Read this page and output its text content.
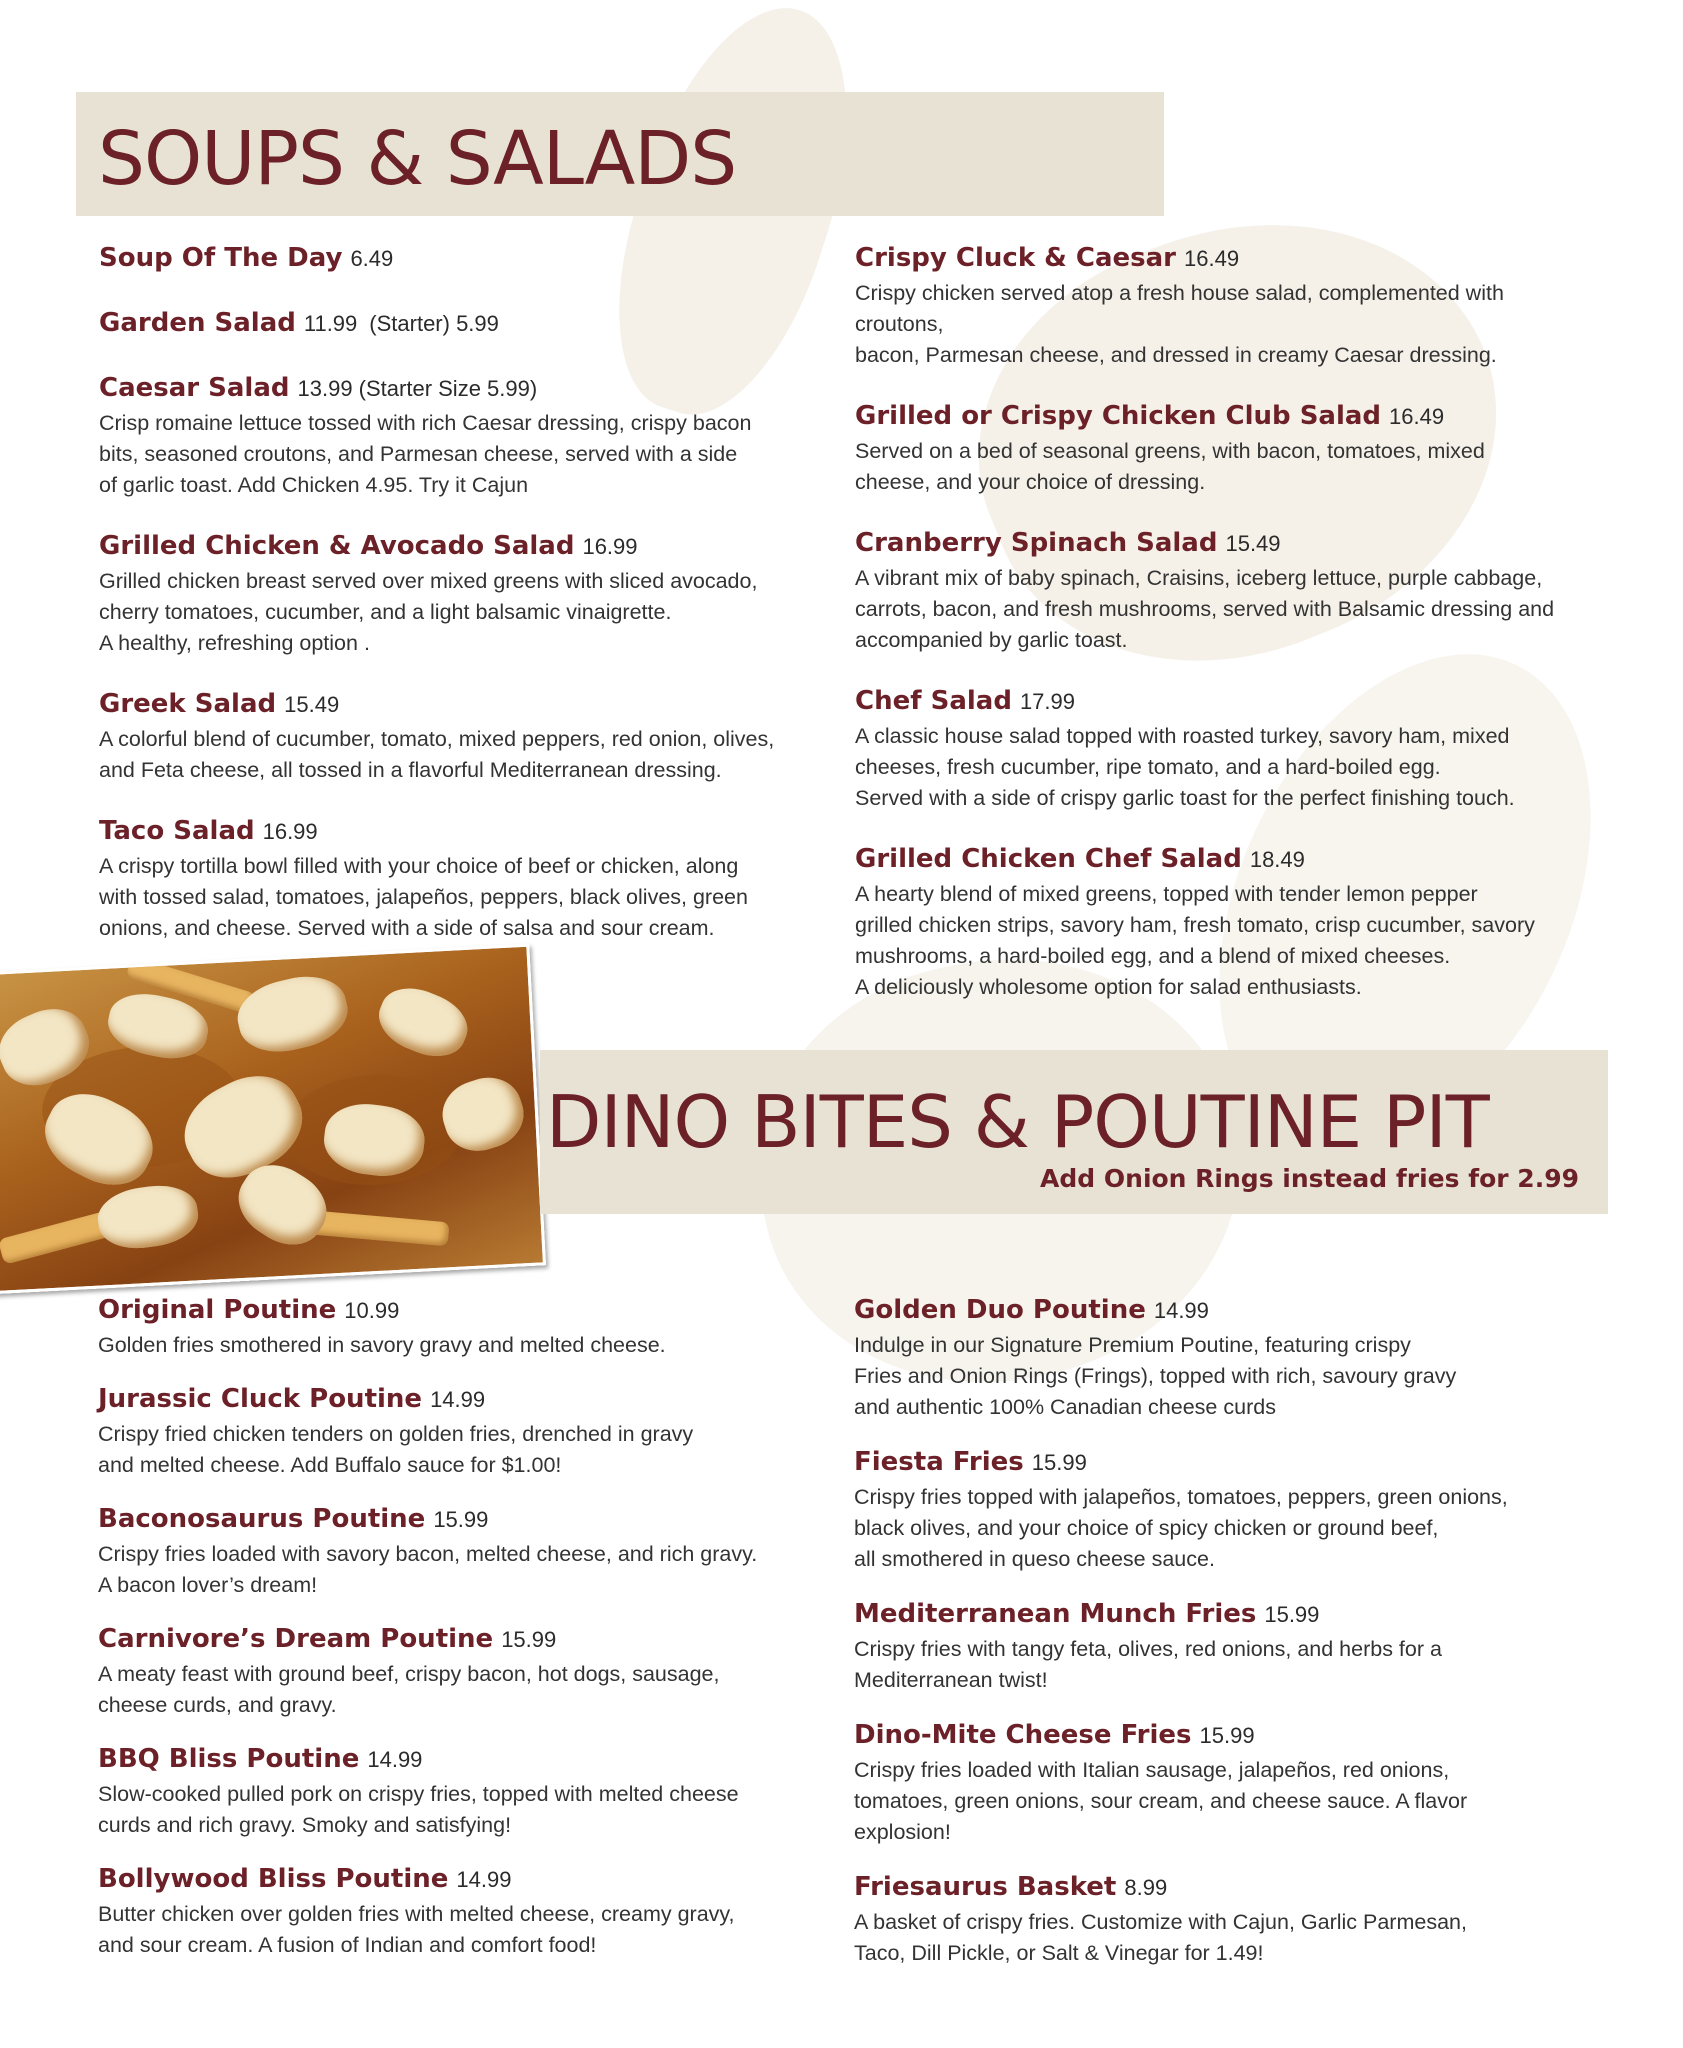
SOUPS & SALADS
Soup Of The Day 6.49
Garden Salad 11.99 (Starter) 5.99
Caesar Salad 13.99 (Starter Size 5.99)

Crisp romaine lettuce tossed with rich Caesar dressing, crispy bacon
bits, seasoned croutons, and Parmesan cheese, served with a side
of garlic toast. Add Chicken 4.95. Try it Cajun

Grilled Chicken & Avocado Salad 16.99

Grilled chicken breast served over mixed greens with sliced avocado,
cherry tomatoes, cucumber, and a light balsamic vinaigrette.
A healthy, refreshing option .

Greek Salad 15.49

A colorful blend of cucumber, tomato, mixed peppers, red onion, olives,
and Feta cheese, all tossed in a flavorful Mediterranean dressing.

Taco Salad 16.99

A crispy tortilla bowl filled with your choice of beef or chicken, along
with tossed salad, tomatoes, jalapeños, peppers, black olives, green
onions, and cheese. Served with a side of salsa and sour cream.

Crispy Cluck & Caesar 16.49

Crispy chicken served atop a fresh house salad, complemented with croutons,
bacon, Parmesan cheese, and dressed in creamy Caesar dressing.

Grilled or Crispy Chicken Club Salad 16.49

Served on a bed of seasonal greens, with bacon, tomatoes, mixed
cheese, and your choice of dressing.

Cranberry Spinach Salad 15.49

A vibrant mix of baby spinach, Craisins, iceberg lettuce, purple cabbage,
carrots, bacon, and fresh mushrooms, served with Balsamic dressing and
accompanied by garlic toast.

Chef Salad 17.99

A classic house salad topped with roasted turkey, savory ham, mixed
cheeses, fresh cucumber, ripe tomato, and a hard-boiled egg.
Served with a side of crispy garlic toast for the perfect finishing touch.

Grilled Chicken Chef Salad 18.49

A hearty blend of mixed greens, topped with tender lemon pepper
grilled chicken strips, savory ham, fresh tomato, crisp cucumber, savory
mushrooms, a hard-boiled egg, and a blend of mixed cheeses.
A deliciously wholesome option for salad enthusiasts.

DINO BITES & POUTINE PIT

Add Onion Rings instead fries for 2.99

Original Poutine 10.99

Golden fries smothered in savory gravy and melted cheese.

Jurassic Cluck Poutine 14.99

Crispy fried chicken tenders on golden fries, drenched in gravy
and melted cheese. Add Buffalo sauce for $1.00!

Baconosaurus Poutine 15.99

Crispy fries loaded with savory bacon, melted cheese, and rich gravy.
A bacon lover’s dream!

Carnivore’s Dream Poutine 15.99

A meaty feast with ground beef, crispy bacon, hot dogs, sausage,
cheese curds, and gravy.

BBQ Bliss Poutine 14.99

Slow-cooked pulled pork on crispy fries, topped with melted cheese
curds and rich gravy. Smoky and satisfying!

Bollywood Bliss Poutine 14.99

Butter chicken over golden fries with melted cheese, creamy gravy,
and sour cream. A fusion of Indian and comfort food!

Golden Duo Poutine 14.99

Indulge in our Signature Premium Poutine, featuring crispy
Fries and Onion Rings (Frings), topped with rich, savoury gravy
and authentic 100% Canadian cheese curds

Fiesta Fries 15.99

Crispy fries topped with jalapeños, tomatoes, peppers, green onions,
black olives, and your choice of spicy chicken or ground beef,
all smothered in queso cheese sauce.

Mediterranean Munch Fries 15.99

Crispy fries with tangy feta, olives, red onions, and herbs for a
Mediterranean twist!

Dino-Mite Cheese Fries 15.99

Crispy fries loaded with Italian sausage, jalapeños, red onions,
tomatoes, green onions, sour cream, and cheese sauce. A flavor
explosion!

Friesaurus Basket 8.99

A basket of crispy fries. Customize with Cajun, Garlic Parmesan,
Taco, Dill Pickle, or Salt & Vinegar for 1.49!
